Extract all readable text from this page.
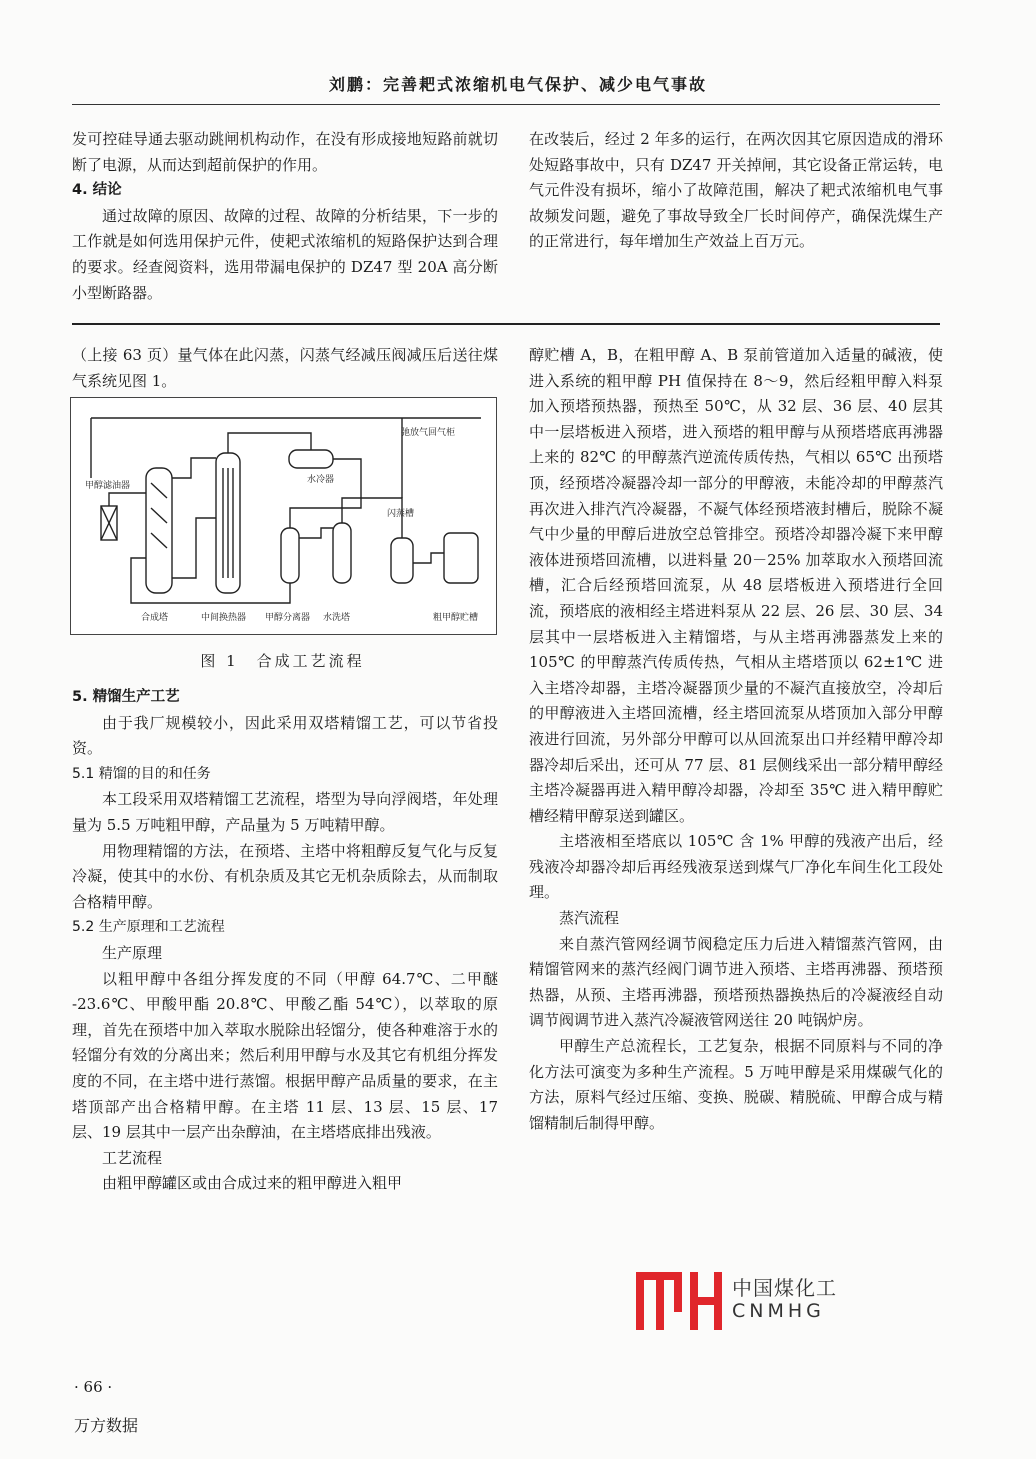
刘鹏：完善耙式浓缩机电气保护、减少电气事故

发可控硅导通去驱动跳闸机构动作，在没有形成接地短路前就切断了电源，从而达到超前保护的作用。

4. 结论

通过故障的原因、故障的过程、故障的分析结果，下一步的工作就是如何选用保护元件，使耙式浓缩机的短路保护达到合理的要求。经查阅资料，选用带漏电保护的 DZ47 型 20A 高分断小型断路器。

在改装后，经过 2 年多的运行，在两次因其它原因造成的滑环处短路事故中，只有 DZ47 开关掉闸，其它设备正常运转，电气元件没有损坏，缩小了故障范围，解决了耙式浓缩机电气事故频发问题，避免了事故导致全厂长时间停产，确保洗煤生产的正常进行，每年增加生产效益上百万元。

（上接 63 页）量气体在此闪蒸，闪蒸气经减压阀减压后送往煤气系统见图 1。

弛放气回气柜
甲醇滤油器
水冷器
闪蒸槽
合成塔	中间换热器 甲醇分离器 水洗塔	粗甲醇贮槽
图 1　合成工艺流程

5. 精馏生产工艺

由于我厂规模较小，因此采用双塔精馏工艺，可以节省投资。

5.1 精馏的目的和任务

本工段采用双塔精馏工艺流程，塔型为导向浮阀塔，年处理量为 5.5 万吨粗甲醇，产品量为 5 万吨精甲醇。

用物理精馏的方法，在预塔、主塔中将粗醇反复气化与反复冷凝，使其中的水份、有机杂质及其它无机杂质除去，从而制取合格精甲醇。

5.2 生产原理和工艺流程

生产原理

以粗甲醇中各组分挥发度的不同（甲醇 64.7℃、二甲醚 -23.6℃、甲酸甲酯 20.8℃、甲酸乙酯 54℃），以萃取的原理，首先在预塔中加入萃取水脱除出轻馏分，使各种难溶于水的轻馏分有效的分离出来；然后利用甲醇与水及其它有机组分挥发度的不同，在主塔中进行蒸馏。根据甲醇产品质量的要求，在主塔顶部产出合格精甲醇。在主塔 11 层、13 层、15 层、17 层、19 层其中一层产出杂醇油，在主塔塔底排出残液。

工艺流程

由粗甲醇罐区或由合成过来的粗甲醇进入粗甲

醇贮槽 A，B，在粗甲醇 A、B 泵前管道加入适量的碱液，使进入系统的粗甲醇 PH 值保持在 8～9，然后经粗甲醇入料泵加入预塔预热器，预热至 50℃，从 32 层、36 层、40 层其中一层塔板进入预塔，进入预塔的粗甲醇与从预塔塔底再沸器上来的 82℃ 的甲醇蒸汽逆流传质传热，气相以 65℃ 出预塔顶，经预塔冷凝器冷却一部分的甲醇液，未能冷却的甲醇蒸汽再次进入排汽汽冷凝器，不凝气体经预塔液封槽后，脱除不凝气中少量的甲醇后进放空总管排空。预塔冷却器冷凝下来甲醇液体进预塔回流槽，以进料量 20－25% 加萃取水入预塔回流槽，汇合后经预塔回流泵，从 48 层塔板进入预塔进行全回流，预塔底的液相经主塔进料泵从 22 层、26 层、30 层、34 层其中一层塔板进入主精馏塔，与从主塔再沸器蒸发上来的 105℃ 的甲醇蒸汽传质传热，气相从主塔塔顶以 62±1℃ 进入主塔冷却器，主塔冷凝器顶少量的不凝汽直接放空，冷却后的甲醇液进入主塔回流槽，经主塔回流泵从塔顶加入部分甲醇液进行回流，另外部分甲醇可以从回流泵出口并经精甲醇冷却器冷却后采出，还可从 77 层、81 层侧线采出一部分精甲醇经主塔冷凝器再进入精甲醇冷却器，冷却至 35℃ 进入精甲醇贮槽经精甲醇泵送到罐区。

主塔液相至塔底以 105℃ 含 1% 甲醇的残液产出后，经残液冷却器冷却后再经残液泵送到煤气厂净化车间生化工段处理。

蒸汽流程

来自蒸汽管网经调节阀稳定压力后进入精馏蒸汽管网，由精馏管网来的蒸汽经阀门调节进入预塔、主塔再沸器、预塔预热器，从预、主塔再沸器，预塔预热器换热后的冷凝液经自动调节阀调节进入蒸汽冷凝液管网送往 20 吨锅炉房。

甲醇生产总流程长，工艺复杂，根据不同原料与不同的净化方法可演变为多种生产流程。5 万吨甲醇是采用煤碳气化的方法，原料气经过压缩、变换、脱碳、精脱硫、甲醇合成与精馏精制后制得甲醇。

中国煤化工
CNMHG
· 66 ·
万方数据
